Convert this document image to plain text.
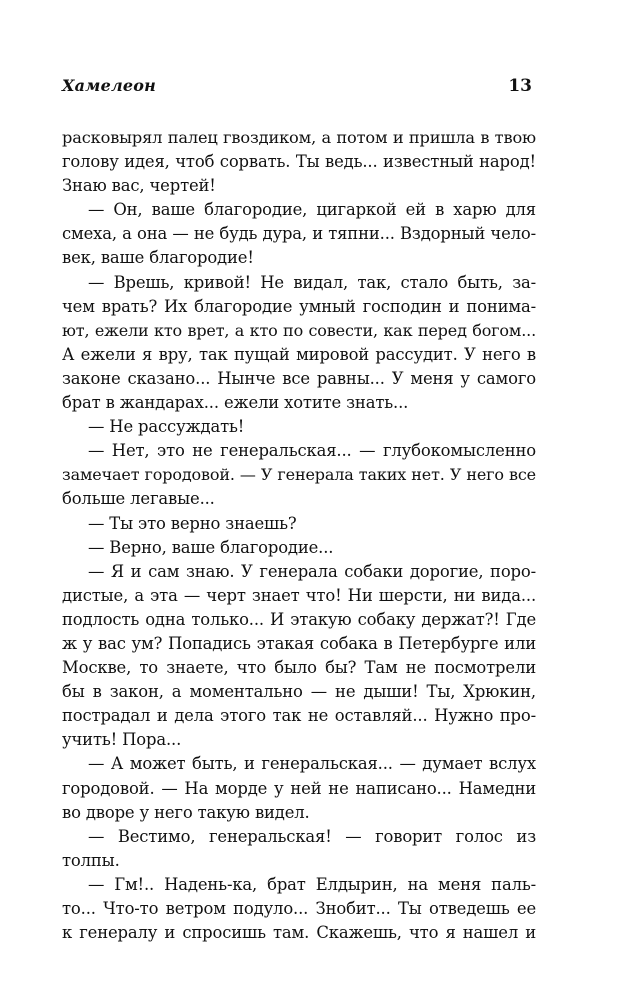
Хамелеон	13
расковырял палец гвоздиком, а потом и пришла в твою
голову идея, чтоб сорвать. Ты ведь... известный народ!
Знаю вас, чертей!
— Он, ваше благородие, цигаркой ей в харю для
смеха, а она — не будь дура, и тяпни... Вздорный чело-
век, ваше благородие!
— Врешь, кривой! Не видал, так, стало быть, за-
чем врать? Их благородие умный господин и понима-
ют, ежели кто врет, а кто по совести, как перед богом...
А ежели я вру, так пущай мировой рассудит. У него в
законе сказано... Нынче все равны... У меня у самого
брат в жандарах... ежели хотите знать...
— Не рассуждать!
— Нет, это не генеральская... — глубокомысленно
замечает городовой. — У генерала таких нет. У него все
больше легавые...
— Ты это верно знаешь?
— Верно, ваше благородие...
— Я и сам знаю. У генерала собаки дорогие, поро-
дистые, а эта — черт знает что! Ни шерсти, ни вида...
подлость одна только... И этакую собаку держат?! Где
ж у вас ум? Попадись этакая собака в Петербурге или
Москве, то знаете, что было бы? Там не посмотрели
бы в закон, а моментально — не дыши! Ты, Хрюкин,
пострадал и дела этого так не оставляй... Нужно про-
учить! Пора...
— А может быть, и генеральская... — думает вслух
городовой. — На морде у ней не написано... Намедни
во дворе у него такую видел.
— Вестимо, генеральская! — говорит голос из
толпы.
— Гм!.. Надень-ка, брат Елдырин, на меня паль-
то... Что-то ветром подуло... Знобит... Ты отведешь ее
к генералу и спросишь там. Скажешь, что я нашел и
